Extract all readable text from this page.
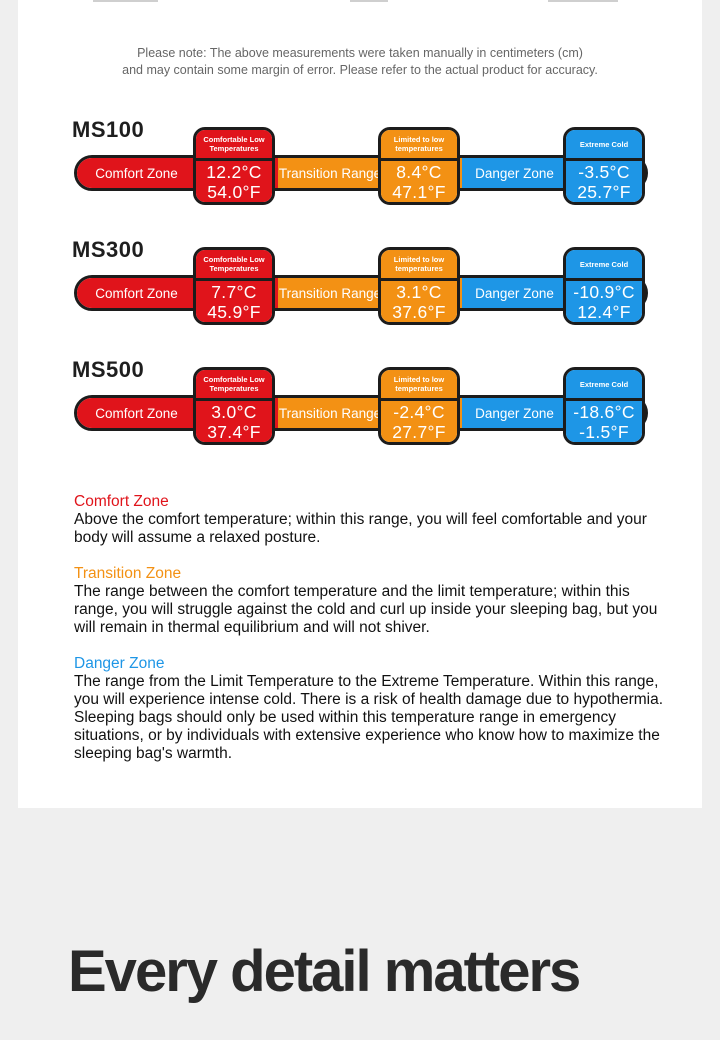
Please note: The above measurements were taken manually in centimeters (cm)
and may contain some margin of error. Please refer to the actual product for accuracy.
MS100
Comfort Zone	Transition Range	Danger Zone
Comfortable Low Temperatures
12.2°C
54.0°F
Limited to low temperatures
8.4°C
47.1°F
Extreme Cold
-3.5°C
25.7°F
MS300
Comfort Zone	Transition Range	Danger Zone
Comfortable Low Temperatures
7.7°C
45.9°F
Limited to low temperatures
3.1°C
37.6°F
Extreme Cold
-10.9°C
12.4°F
MS500
Comfort Zone	Transition Range	Danger Zone
Comfortable Low Temperatures
3.0°C
37.4°F
Limited to low temperatures
-2.4°C
27.7°F
Extreme Cold
-18.6°C
-1.5°F
Comfort Zone

Above the comfort temperature; within this range, you will feel comfortable and your body will assume a relaxed posture.

Transition Zone

The range between the comfort temperature and the limit temperature; within this range, you will struggle against the cold and curl up inside your sleeping bag, but you will remain in thermal equilibrium and will not shiver.

Danger Zone

The range from the Limit Temperature to the Extreme Temperature. Within this range, you will experience intense cold. There is a risk of health damage due to hypothermia. Sleeping bags should only be used within this temperature range in emergency situations, or by individuals with extensive experience who know how to maximize the sleeping bag's warmth.

Every detail matters
